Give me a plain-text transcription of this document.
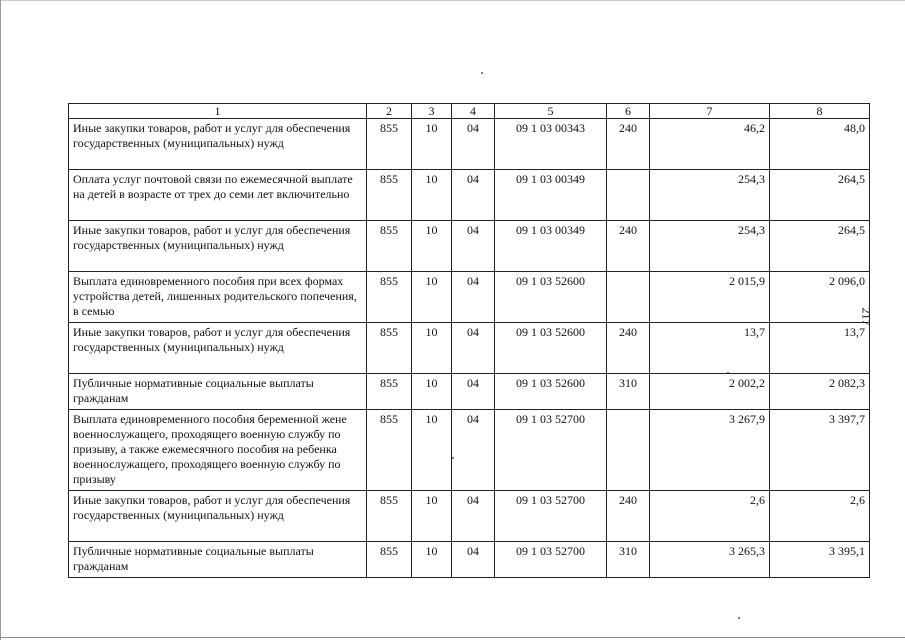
217
1	2	3	4	5	6	7	8
Иные закупки товаров, работ и услуг для обеспечения государственных (муниципальных) нужд	855	10	04	09 1 03 00343	240	46,2	48,0
Оплата услуг почтовой связи по ежемесячной выплате на детей в возрасте от трех до семи лет включительно	855	10	04	09 1 03 00349		254,3	264,5
Иные закупки товаров, работ и услуг для обеспечения государственных (муниципальных) нужд	855	10	04	09 1 03 00349	240	254,3	264,5
Выплата единовременного пособия при всех формах устройства детей, лишенных родительского попечения, в семью	855	10	04	09 1 03 52600		2 015,9	2 096,0
Иные закупки товаров, работ и услуг для обеспечения государственных (муниципальных) нужд	855	10	04	09 1 03 52600	240	13,7	13,7
Публичные нормативные социальные выплаты гражданам	855	10	04	09 1 03 52600	310	2 002,2	2 082,3
Выплата единовременного пособия беременной жене военнослужащего, проходящего военную службу по призыву, а также ежемесячного пособия на ребенка военнослужащего, проходящего военную службу по призыву	855	10	04	09 1 03 52700		3 267,9	3 397,7
Иные закупки товаров, работ и услуг для обеспечения государственных (муниципальных) нужд	855	10	04	09 1 03 52700	240	2,6	2,6
Публичные нормативные социальные выплаты гражданам	855	10	04	09 1 03 52700	310	3 265,3	3 395,1
